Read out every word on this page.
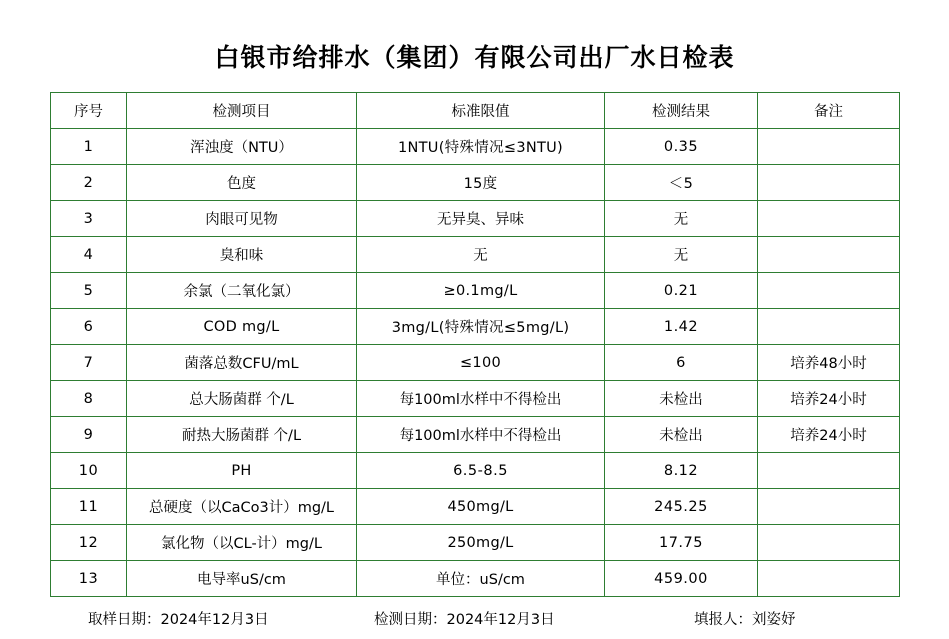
白银市给排水（集团）有限公司出厂水日检表
序号	检测项目	标准限值	检测结果	备注
1	浑浊度（NTU）	1NTU(特殊情况≤3NTU)	0.35	
2	色度	15度	＜5	
3	肉眼可见物	无异臭、异味	无	
4	臭和味	无	无	
5	余氯（二氧化氯）	≥0.1mg/L	0.21	
6	COD mg/L	3mg/L(特殊情况≤5mg/L)	1.42	
7	菌落总数CFU/mL	≤100	6	培养48小时
8	总大肠菌群 个/L	每100ml水样中不得检出	未检出	培养24小时
9	耐热大肠菌群 个/L	每100ml水样中不得检出	未检出	培养24小时
10	PH	6.5-8.5	8.12	
11	总硬度（以CaCo3计）mg/L	450mg/L	245.25	
12	氯化物（以CL-计）mg/L	250mg/L	17.75	
13	电导率uS/cm	单位：uS/cm	459.00	
取样日期：2024年12月3日	检测日期：2024年12月3日	填报人：刘姿妤
